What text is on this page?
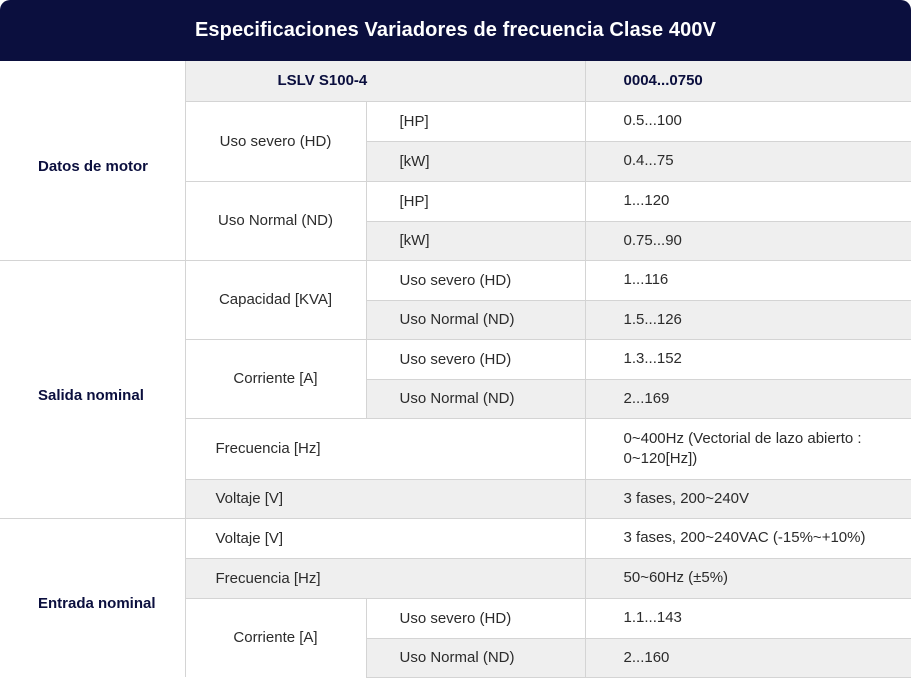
Especificaciones Variadores de frecuencia Clase 400V
Datos de motor	LSLV S100-4		0004...0750
	Uso severo (HD)	[HP]	0.5...100
		[kW]	0.4...75
	Uso Normal (ND)	[HP]	1...120
		[kW]	0.75...90
Salida nominal	Capacidad [KVA]	Uso severo (HD)	1...116
		Uso Normal (ND)	1.5...126
	Corriente [A]	Uso severo (HD)	1.3...152
		Uso Normal (ND)	2...169
	Frecuencia [Hz]		0~400Hz (Vectorial de lazo abierto : 0~120[Hz])
	Voltaje [V]		3 fases, 200~240V
Entrada nominal	Voltaje [V]		3 fases, 200~240VAC (-15%~+10%)
	Frecuencia [Hz]		50~60Hz (±5%)
	Corriente [A]	Uso severo (HD)	1.1...143
		Uso Normal (ND)	2...160
